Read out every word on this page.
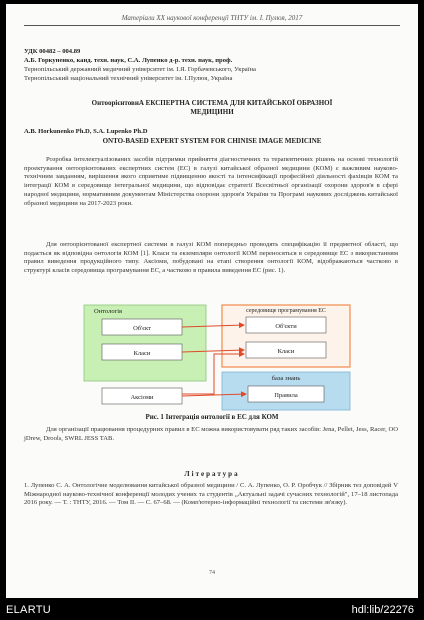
Матеріали XX наукової конференції ТНТУ ім. І. Пулюя, 2017
УДК 00482 – 004.89
А.Б. Горкуненко, канд. техн. наук, С.А. Лупенко д-р. техн. наук, проф.
Тернопільський державний медичний університет ім. І.Я. Горбачевського, Україна
Тернопільський національний технічний університет ім. І.Пулюя, Україна
ОнтоорієнтовнА ЕКСПЕРТНА СИСТЕМА ДЛЯ КИТАЙСЬКОЇ ОБРАЗНОЇ
МЕДИЦИНИ
A.B. Horkunenko Ph.D, S.A. Lupenko Ph.D
ONTO-BASED EXPERT SYSTEM FOR CHINISE IMAGE MEDICINE
Розробка інтелектуалізованих засобів підтримки прийняття діагностичних та терапевтичних рішень на основі технологій проектування онтоорієнтованих експертних систем (ЕС) в галузі китайської образної медицини (КОМ) є важливим науково-технічним завданням, вирішення якого сприятиме підвищенню якості та інтенсифікації професійної діяльності фахівців КОМ та інтеграції КОМ в середовище інтегральної медицини, що відповідає стратегії Всесвітньої організації охорони здоров'я в сфері народної медицини, нормативним документам Міністерства охорони здоров'я України та Програмі наукових досліджень китайської образної медицини на 2017-2023 роки.
Для онтоорієнтованої експертної системи в галузі КОМ попередньо проводять специфікацію її предметної області, що подається як відповідна онтологія КОМ [1]. Класи та екземпляри онтології КОМ переносяться в середовище ЕС з використанням правил виведення продукційного типу. Аксіоми, побудовані на етапі створення онтології КОМ, відображаються частково в структурі класів середовища програмування ЕС, а частково в правила виведення ЕС (рис. 1).
Онтологія
Об'єкт
Класи
Аксіоми
середовище програмування ЕС
Об'єкти
Класи
база знань
Правила
Рис. 1 Інтеграція онтології в ЕС для КОМ
Для організації працювання процедурних правил в ЕС можна використовувати ряд таких засобів: Jena, Pellet, Jess, Racer, OO jDrew, Drools, SWRL JESS TAB.
Література
1. Лупенко С. А. Онтологічне моделювання китайської образної медицини / С. А. Лупенко, О. Р. Оробчук // Збірник тез доповідей V Міжнародної науково-технічної конференції молодих учених та студентів „Актуальні задачі сучасних технологій", 17–18 листопада 2016 року. — Т. : ТНТУ, 2016. — Том ІІ. — С. 67–68. — (Комп'ютерно-інформаційні технології та системи зв'язку).
74
ELARTU	hdl:lib/22276
